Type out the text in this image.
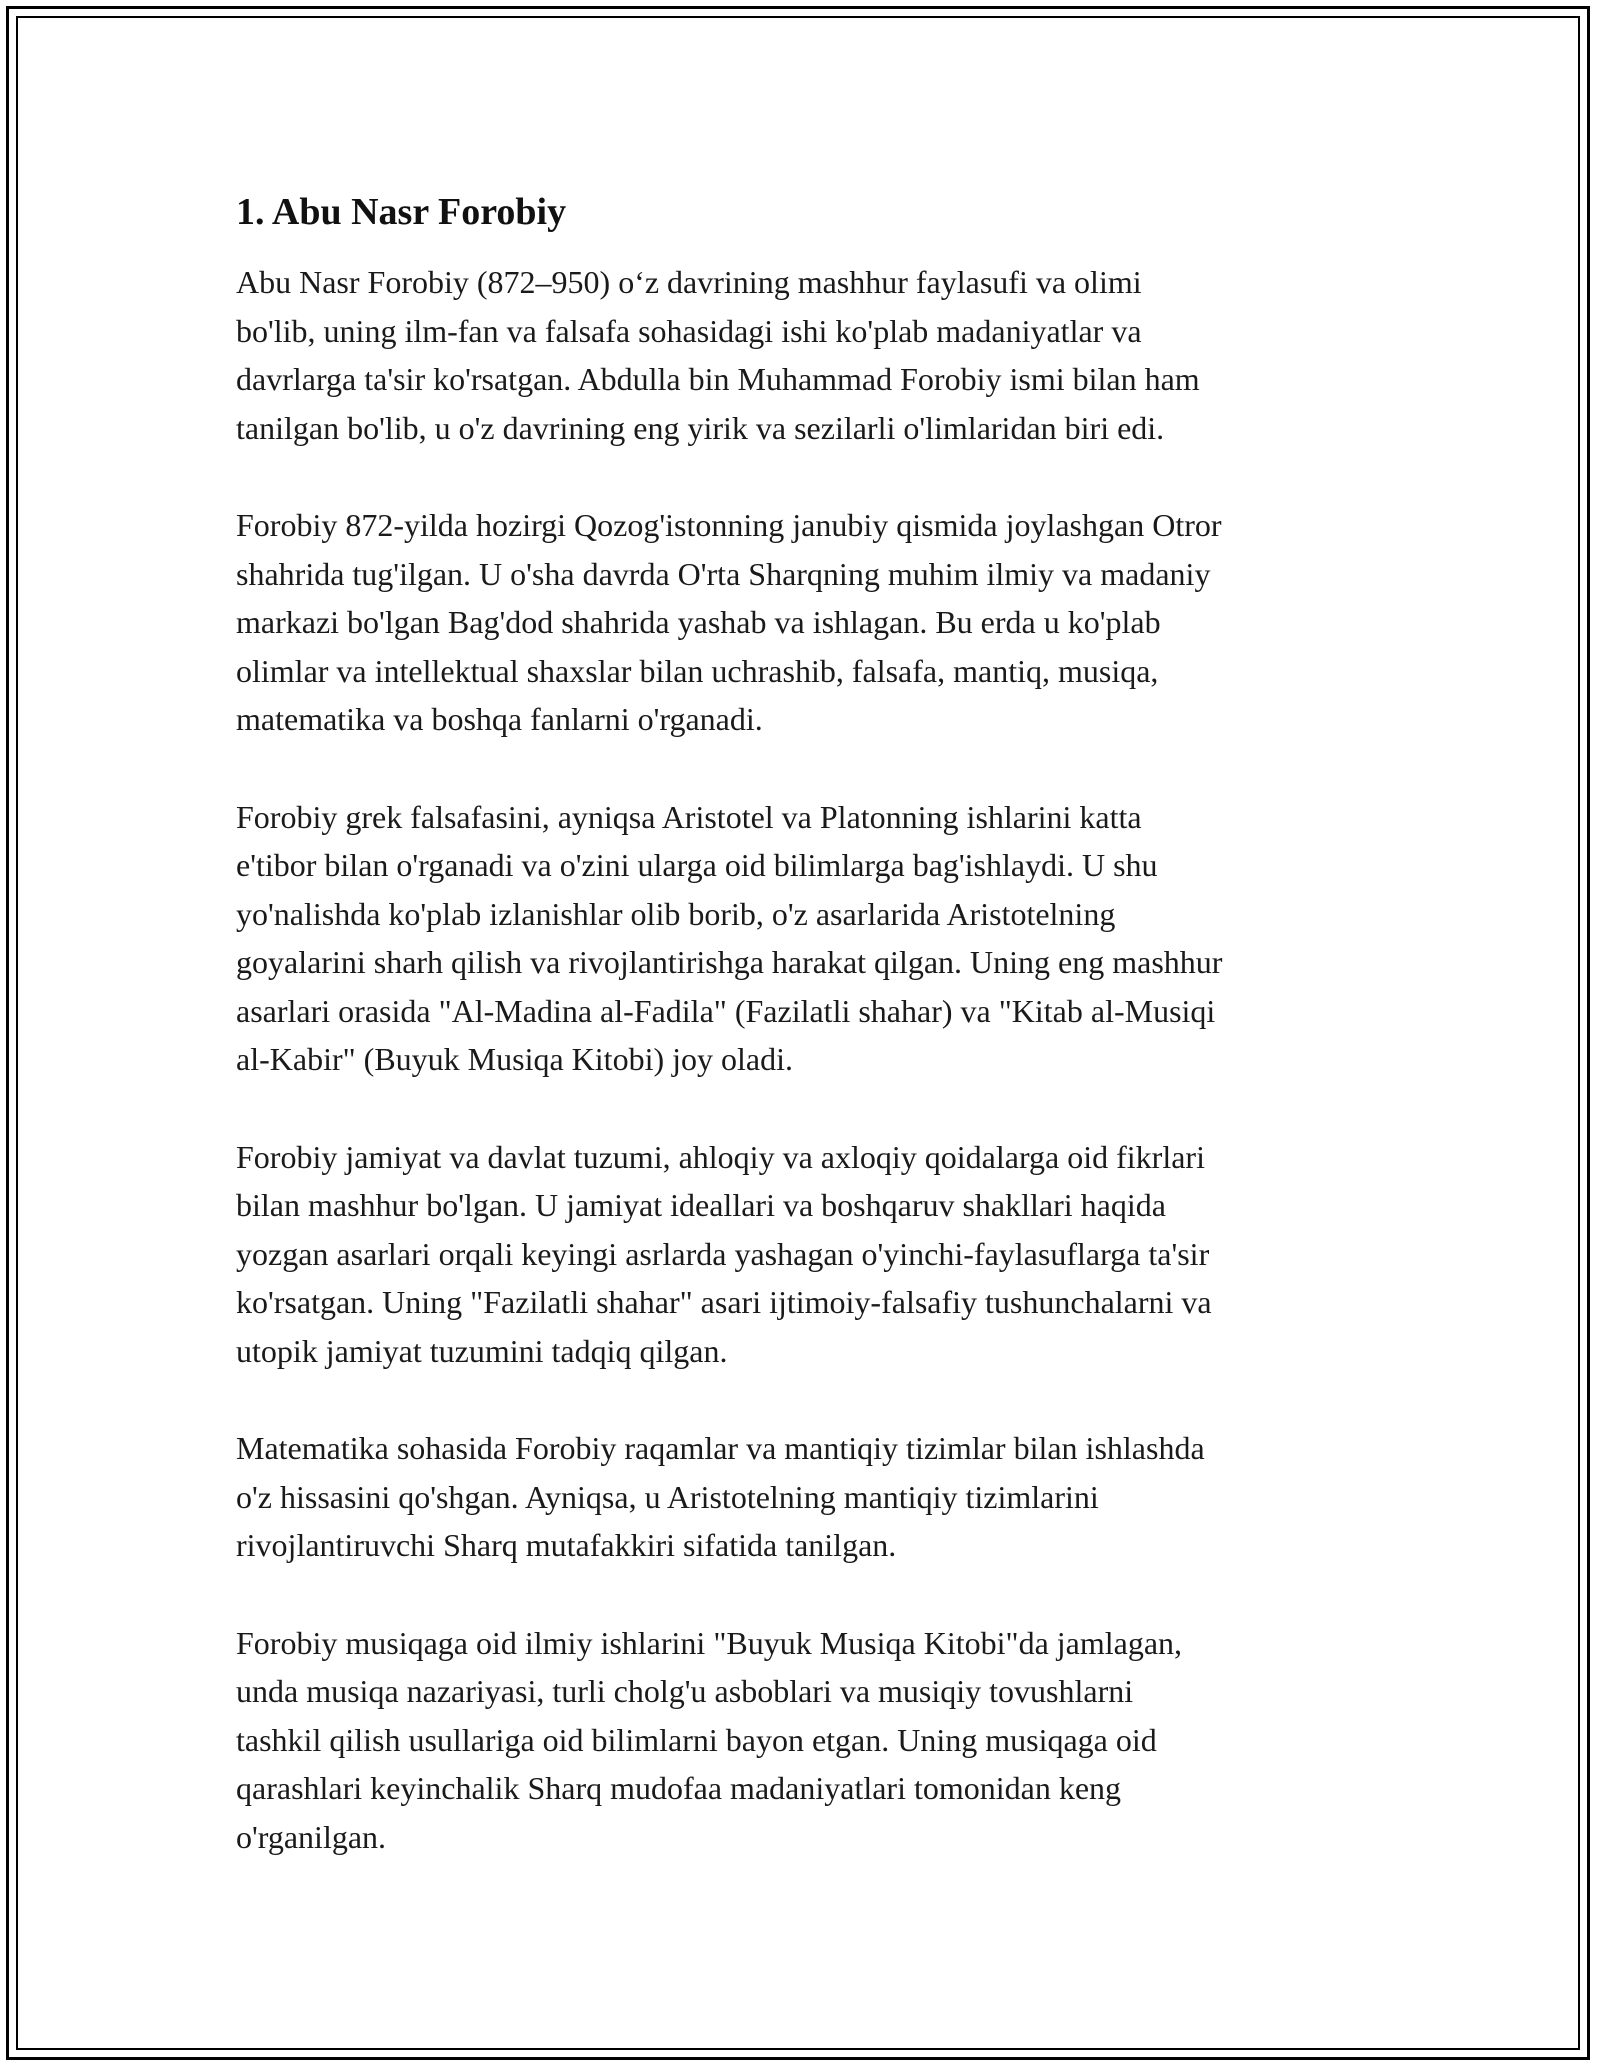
1. Abu Nasr Forobiy

Abu Nasr Forobiy (872–950) o‘z davrining mashhur faylasufi va olimi
bo'lib, uning ilm-fan va falsafa sohasidagi ishi ko'plab madaniyatlar va
davrlarga ta'sir ko'rsatgan. Abdulla bin Muhammad Forobiy ismi bilan ham
tanilgan bo'lib, u o'z davrining eng yirik va sezilarli o'limlaridan biri edi.

Forobiy 872-yilda hozirgi Qozog'istonning janubiy qismida joylashgan Otror
shahrida tug'ilgan. U o'sha davrda O'rta Sharqning muhim ilmiy va madaniy
markazi bo'lgan Bag'dod shahrida yashab va ishlagan. Bu erda u ko'plab
olimlar va intellektual shaxslar bilan uchrashib, falsafa, mantiq, musiqa,
matematika va boshqa fanlarni o'rganadi.

Forobiy grek falsafasini, ayniqsa Aristotel va Platonning ishlarini katta
e'tibor bilan o'rganadi va o'zini ularga oid bilimlarga bag'ishlaydi. U shu
yo'nalishda ko'plab izlanishlar olib borib, o'z asarlarida Aristotelning
goyalarini sharh qilish va rivojlantirishga harakat qilgan. Uning eng mashhur
asarlari orasida "Al-Madina al-Fadila" (Fazilatli shahar) va "Kitab al-Musiqi
al-Kabir" (Buyuk Musiqa Kitobi) joy oladi.

Forobiy jamiyat va davlat tuzumi, ahloqiy va axloqiy qoidalarga oid fikrlari
bilan mashhur bo'lgan. U jamiyat ideallari va boshqaruv shakllari haqida
yozgan asarlari orqali keyingi asrlarda yashagan o'yinchi-faylasuflarga ta'sir
ko'rsatgan. Uning "Fazilatli shahar" asari ijtimoiy-falsafiy tushunchalarni va
utopik jamiyat tuzumini tadqiq qilgan.

Matematika sohasida Forobiy raqamlar va mantiqiy tizimlar bilan ishlashda
o'z hissasini qo'shgan. Ayniqsa, u Aristotelning mantiqiy tizimlarini
rivojlantiruvchi Sharq mutafakkiri sifatida tanilgan.

Forobiy musiqaga oid ilmiy ishlarini "Buyuk Musiqa Kitobi"da jamlagan,
unda musiqa nazariyasi, turli cholg'u asboblari va musiqiy tovushlarni
tashkil qilish usullariga oid bilimlarni bayon etgan. Uning musiqaga oid
qarashlari keyinchalik Sharq mudofaa madaniyatlari tomonidan keng
o'rganilgan.
